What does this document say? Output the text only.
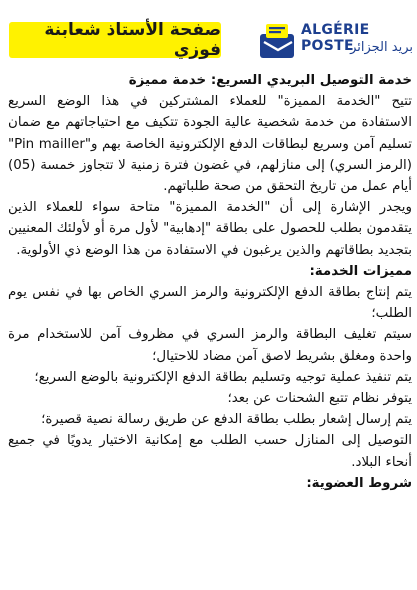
صفحة الأستاذ شعابنة فوزي
ALGÉRIE POSTE
بريد الجزائر

خدمة التوصيل البريدي السريع: خدمة مميزة

تتيح "الخدمة المميزة" للعملاء المشتركين في هذا الوضع السريع الاستفادة من خدمة شخصية عالية الجودة تتكيف مع احتياجاتهم مع ضمان تسليم آمن وسريع لبطاقات الدفع الإلكترونية الخاصة بهم و"Pin mailler" (الرمز السري) إلى منازلهم، في غضون فترة زمنية لا تتجاوز خمسة (05) أيام عمل من تاريخ التحقق من صحة طلباتهم.

ويجدر الإشارة إلى أن "الخدمة المميزة" متاحة سواء للعملاء الذين يتقدمون بطلب للحصول على بطاقة "إدهابية" لأول مرة أو لأولئك المعنيين بتجديد بطاقاتهم والذين يرغبون في الاستفادة من هذا الوضع ذي الأولوية.

مميزات الخدمة:

يتم إنتاج بطاقة الدفع الإلكترونية والرمز السري الخاص بها في نفس يوم الطلب؛

سيتم تغليف البطاقة والرمز السري في مظروف آمن للاستخدام مرة واحدة ومغلق بشريط لاصق آمن مضاد للاحتيال؛

يتم تنفيذ عملية توجيه وتسليم بطاقة الدفع الإلكترونية بالوضع السريع؛

يتوفر نظام تتبع الشحنات عن بعد؛

يتم إرسال إشعار بطلب بطاقة الدفع عن طريق رسالة نصية قصيرة؛

التوصيل إلى المنازل حسب الطلب مع إمكانية الاختيار يدويًا في جميع أنحاء البلاد.

شروط العضوية:
